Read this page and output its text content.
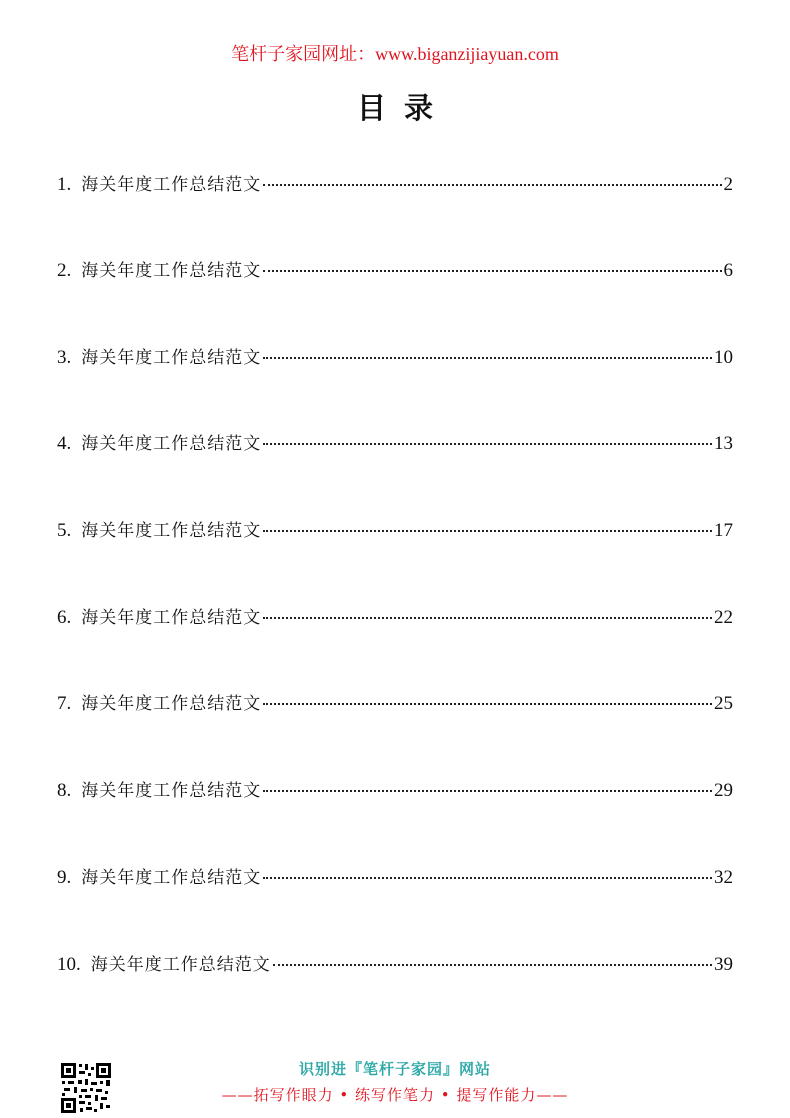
笔杆子家园网址：www.biganzijiayuan.com
目录
1. 海关年度工作总结范文	2
2. 海关年度工作总结范文	6
3. 海关年度工作总结范文	10
4. 海关年度工作总结范文	13
5. 海关年度工作总结范文	17
6. 海关年度工作总结范文	22
7. 海关年度工作总结范文	25
8. 海关年度工作总结范文	29
9. 海关年度工作总结范文	32
10. 海关年度工作总结范文	39
识别进『笔杆子家园』网站
——拓写作眼力 • 练写作笔力 • 提写作能力——
